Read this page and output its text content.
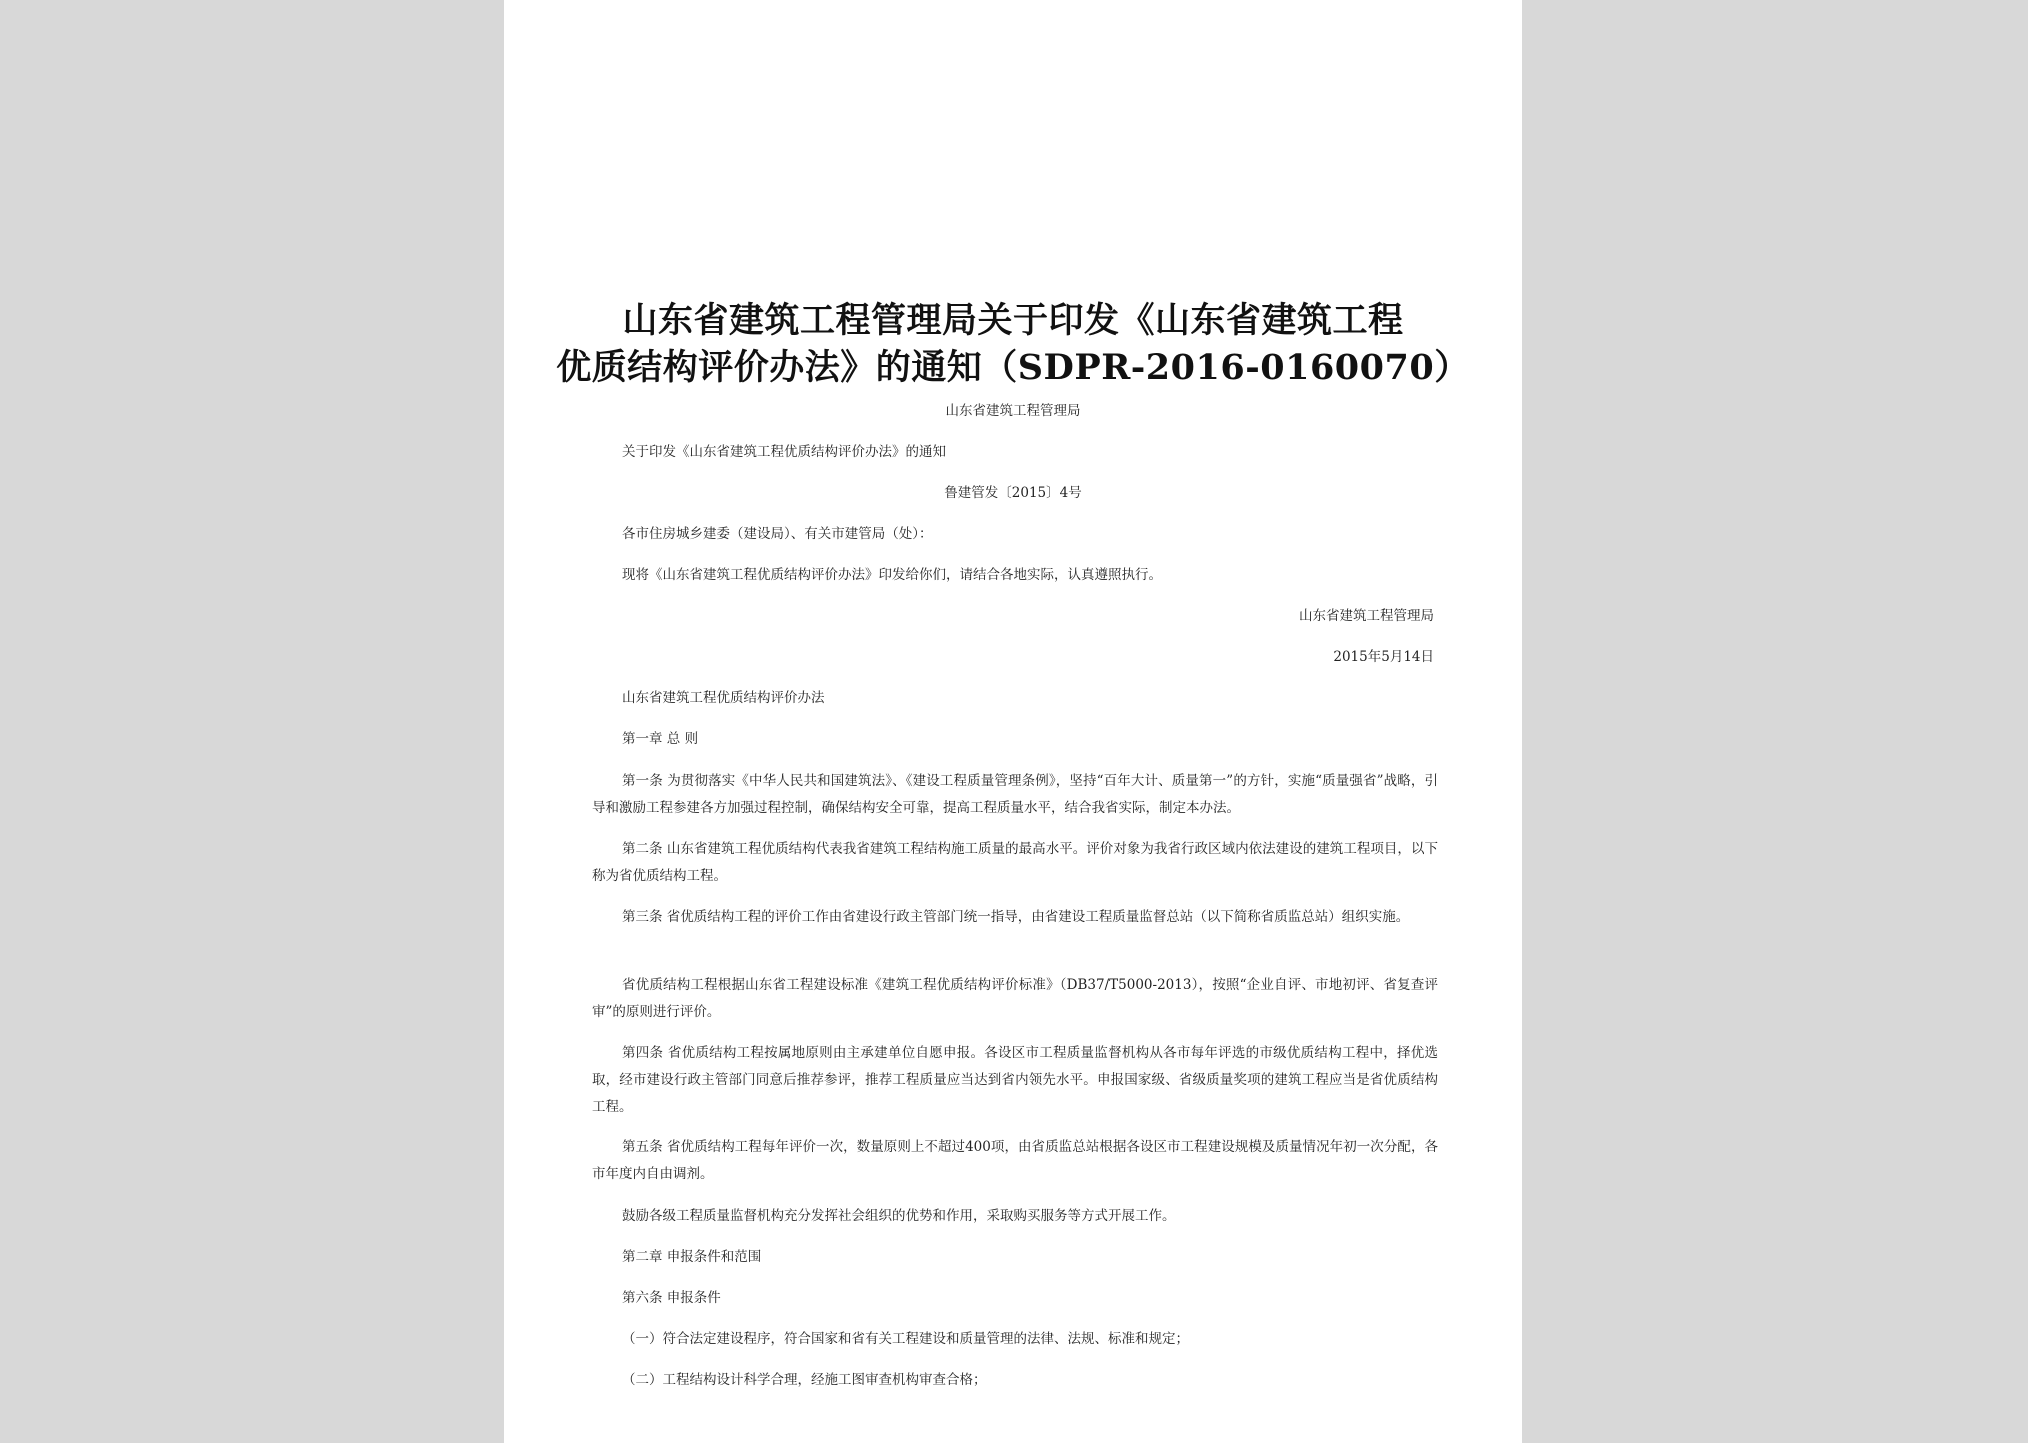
山东省建筑工程管理局关于印发《山东省建筑工程
优质结构评价办法》的通知（SDPR-2016-0160070）
山东省建筑工程管理局
关于印发《山东省建筑工程优质结构评价办法》的通知
鲁建管发〔2015〕4号
各市住房城乡建委（建设局）、有关市建管局（处）：
现将《山东省建筑工程优质结构评价办法》印发给你们，请结合各地实际，认真遵照执行。
山东省建筑工程管理局
2015年5月14日
山东省建筑工程优质结构评价办法
第一章 总 则
第一条 为贯彻落实《中华人民共和国建筑法》、《建设工程质量管理条例》，坚持“百年大计、质量第一”的方针，实施“质量强省”战略，引导和激励工程参建各方加强过程控制，确保结构安全可靠，提高工程质量水平，结合我省实际，制定本办法。
第二条 山东省建筑工程优质结构代表我省建筑工程结构施工质量的最高水平。评价对象为我省行政区域内依法建设的建筑工程项目，以下称为省优质结构工程。
第三条 省优质结构工程的评价工作由省建设行政主管部门统一指导，由省建设工程质量监督总站（以下简称省质监总站）组织实施。
省优质结构工程根据山东省工程建设标准《建筑工程优质结构评价标准》（DB37/T5000-2013），按照“企业自评、市地初评、省复查评审”的原则进行评价。
第四条 省优质结构工程按属地原则由主承建单位自愿申报。各设区市工程质量监督机构从各市每年评选的市级优质结构工程中，择优选取，经市建设行政主管部门同意后推荐参评，推荐工程质量应当达到省内领先水平。申报国家级、省级质量奖项的建筑工程应当是省优质结构工程。
第五条 省优质结构工程每年评价一次，数量原则上不超过400项，由省质监总站根据各设区市工程建设规模及质量情况年初一次分配，各市年度内自由调剂。
鼓励各级工程质量监督机构充分发挥社会组织的优势和作用，采取购买服务等方式开展工作。
第二章 申报条件和范围
第六条 申报条件
（一）符合法定建设程序，符合国家和省有关工程建设和质量管理的法律、法规、标准和规定；
（二）工程结构设计科学合理，经施工图审查机构审查合格；
